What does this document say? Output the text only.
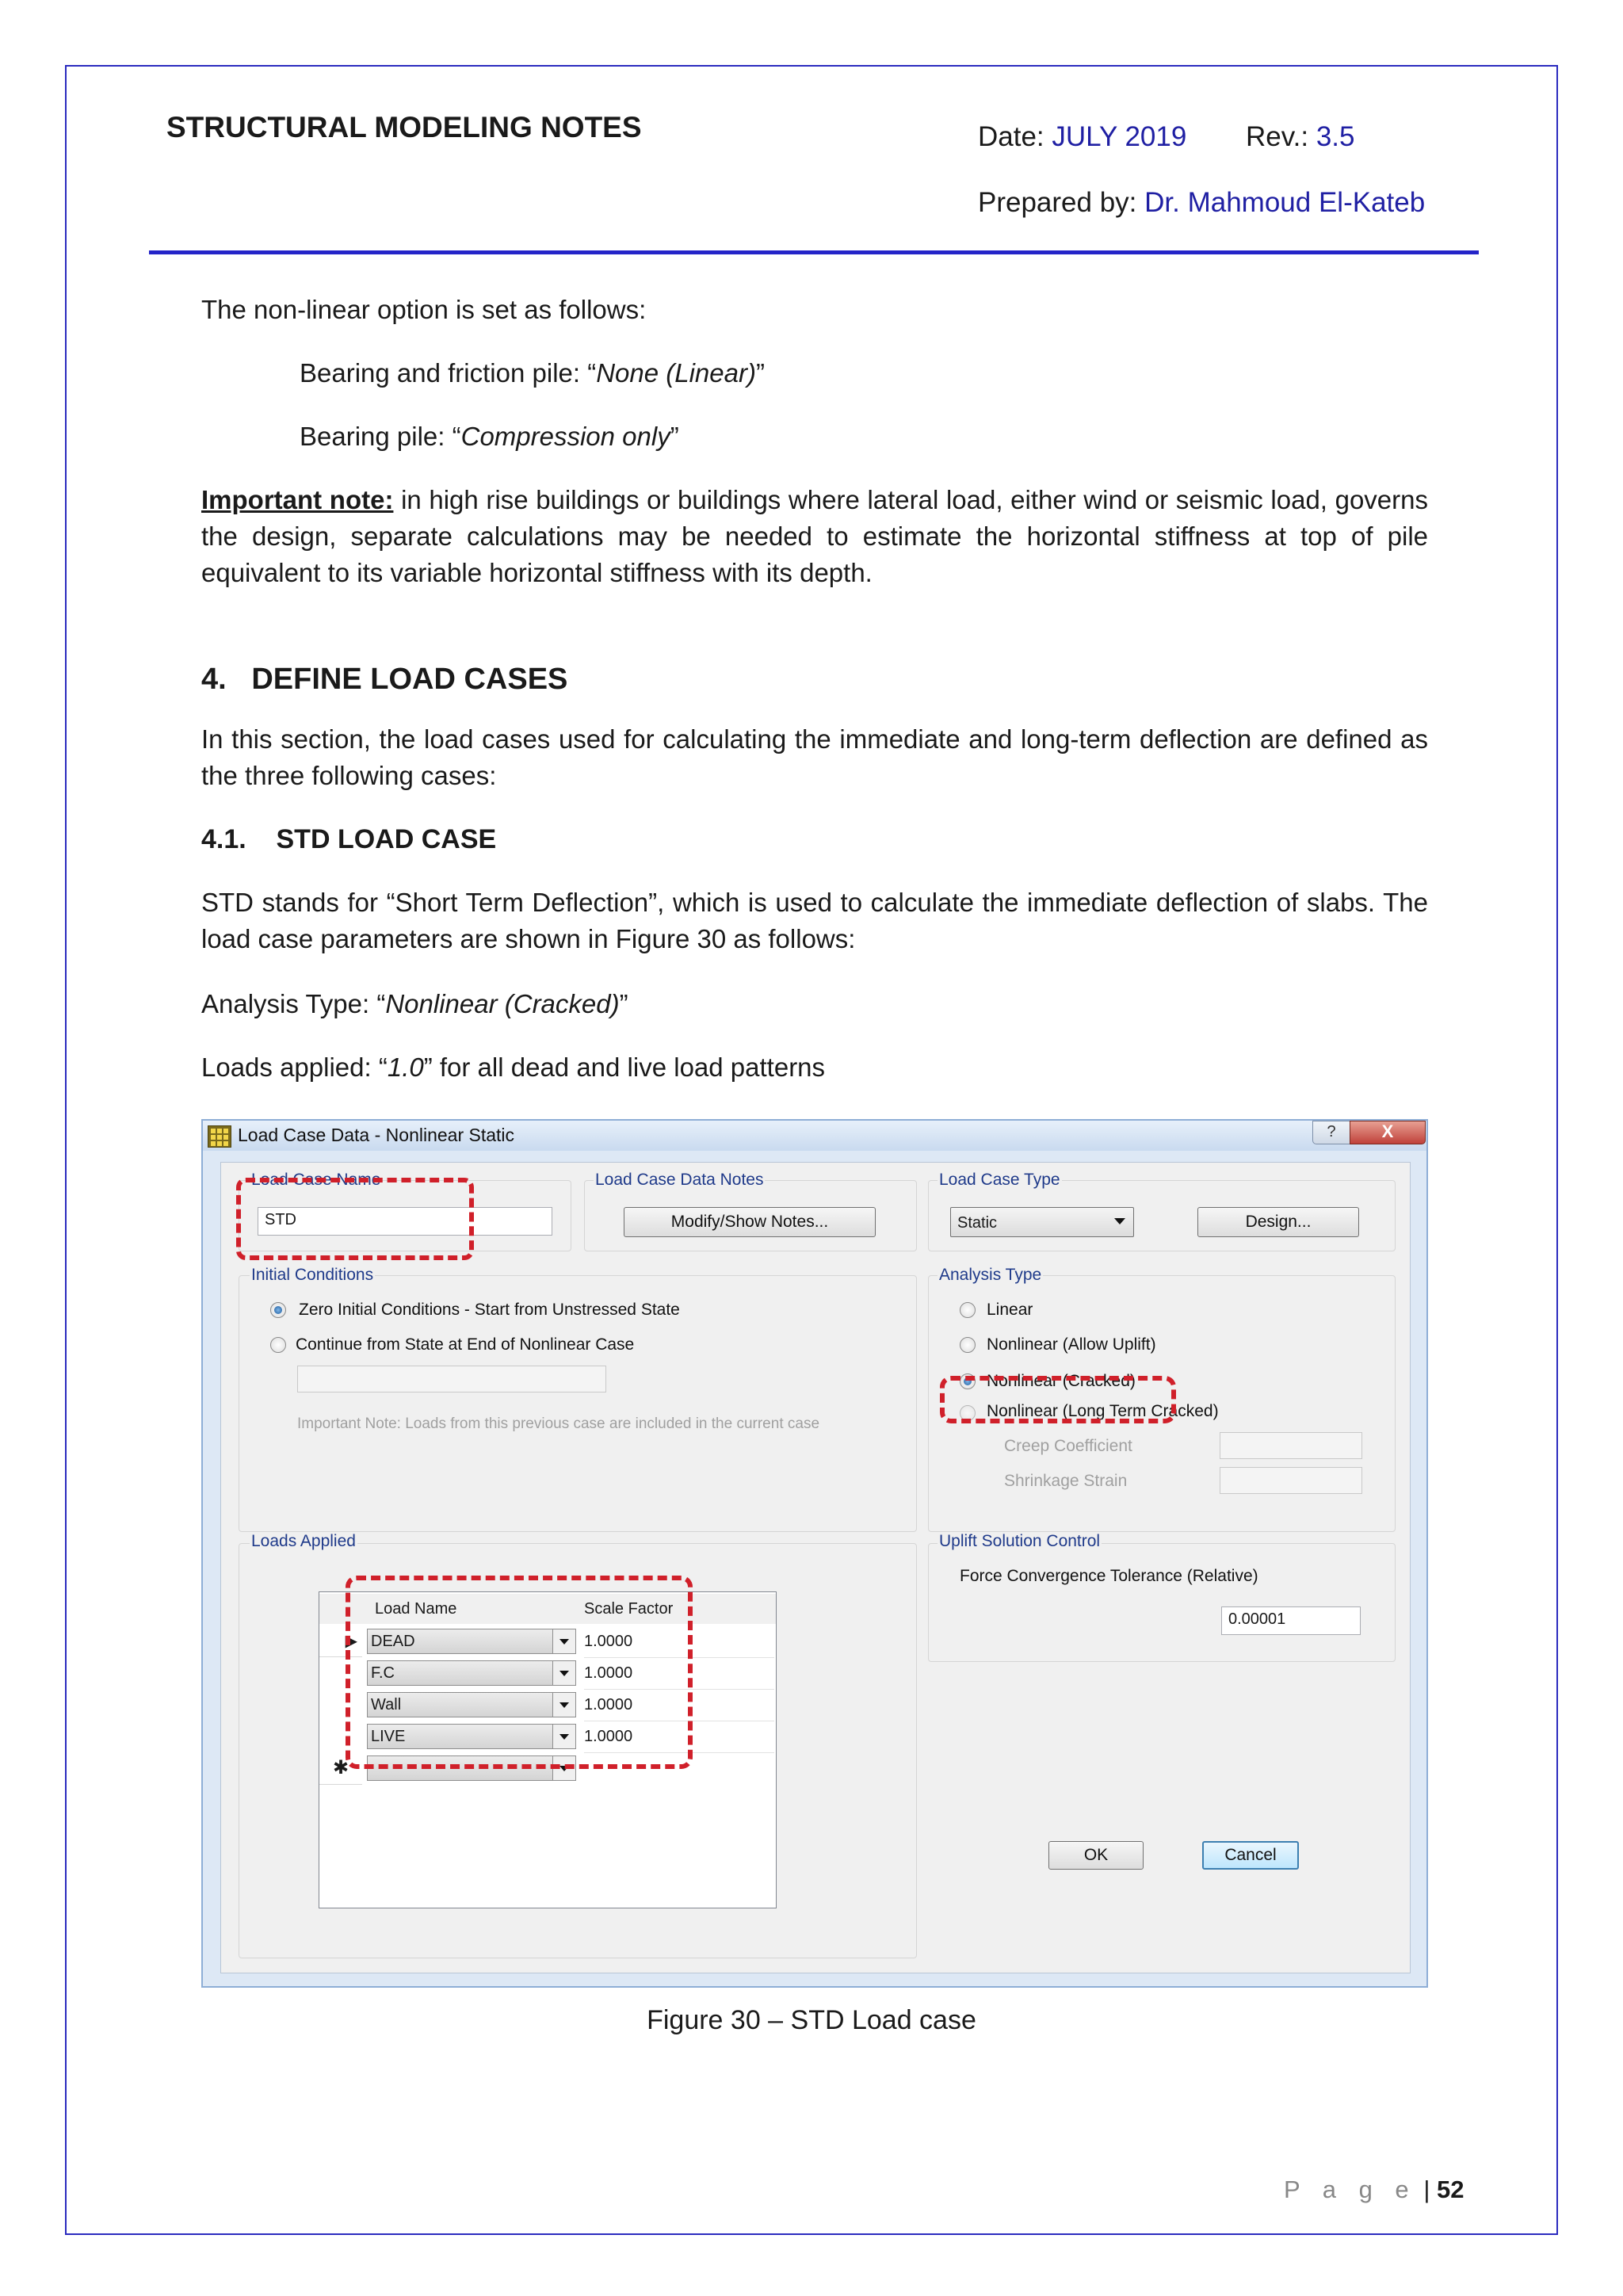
STRUCTURAL MODELING NOTES	Date: JULY 2019 Rev.: 3.5
Prepared by: Dr. Mahmoud El-Kateb
The non-linear option is set as follows:
Bearing and friction pile: “None (Linear)”
Bearing pile: “Compression only”
Important note: in high rise buildings or buildings where lateral load, either wind or seismic load, governs the design, separate calculations may be needed to estimate the horizontal stiffness at top of pile equivalent to its variable horizontal stiffness with its depth.
4.   DEFINE LOAD CASES
In this section, the load cases used for calculating the immediate and long-term deflection are defined as the three following cases:
4.1.    STD LOAD CASE
STD stands for “Short Term Deflection”, which is used to calculate the immediate deflection of slabs. The load case parameters are shown in Figure 30 as follows:
Analysis Type: “Nonlinear (Cracked)”
Loads applied: “1.0” for all dead and live load patterns
Load Case Data - Nonlinear Static	?	X
Load Case Name
STD
Load Case Data Notes
Modify/Show Notes...
Load Case Type
Static	Design...
Initial Conditions
Zero Initial Conditions - Start from Unstressed State
Continue from State at End of Nonlinear Case
Important Note: Loads from this previous case are included in the current case
Analysis Type
Linear
Nonlinear (Allow Uplift)
Nonlinear (Cracked)
Nonlinear (Long Term Cracked)
Creep Coefficient
Shrinkage Strain
Loads Applied	Uplift Solution Control
Force Convergence Tolerance (Relative)
0.00001
OK	Cancel
Load Name	Scale Factor
▶ DEAD	1.0000
F.C	1.0000
Wall	1.0000
LIVE	1.0000
✱
Figure 30 – STD Load case
P a g e | 52
